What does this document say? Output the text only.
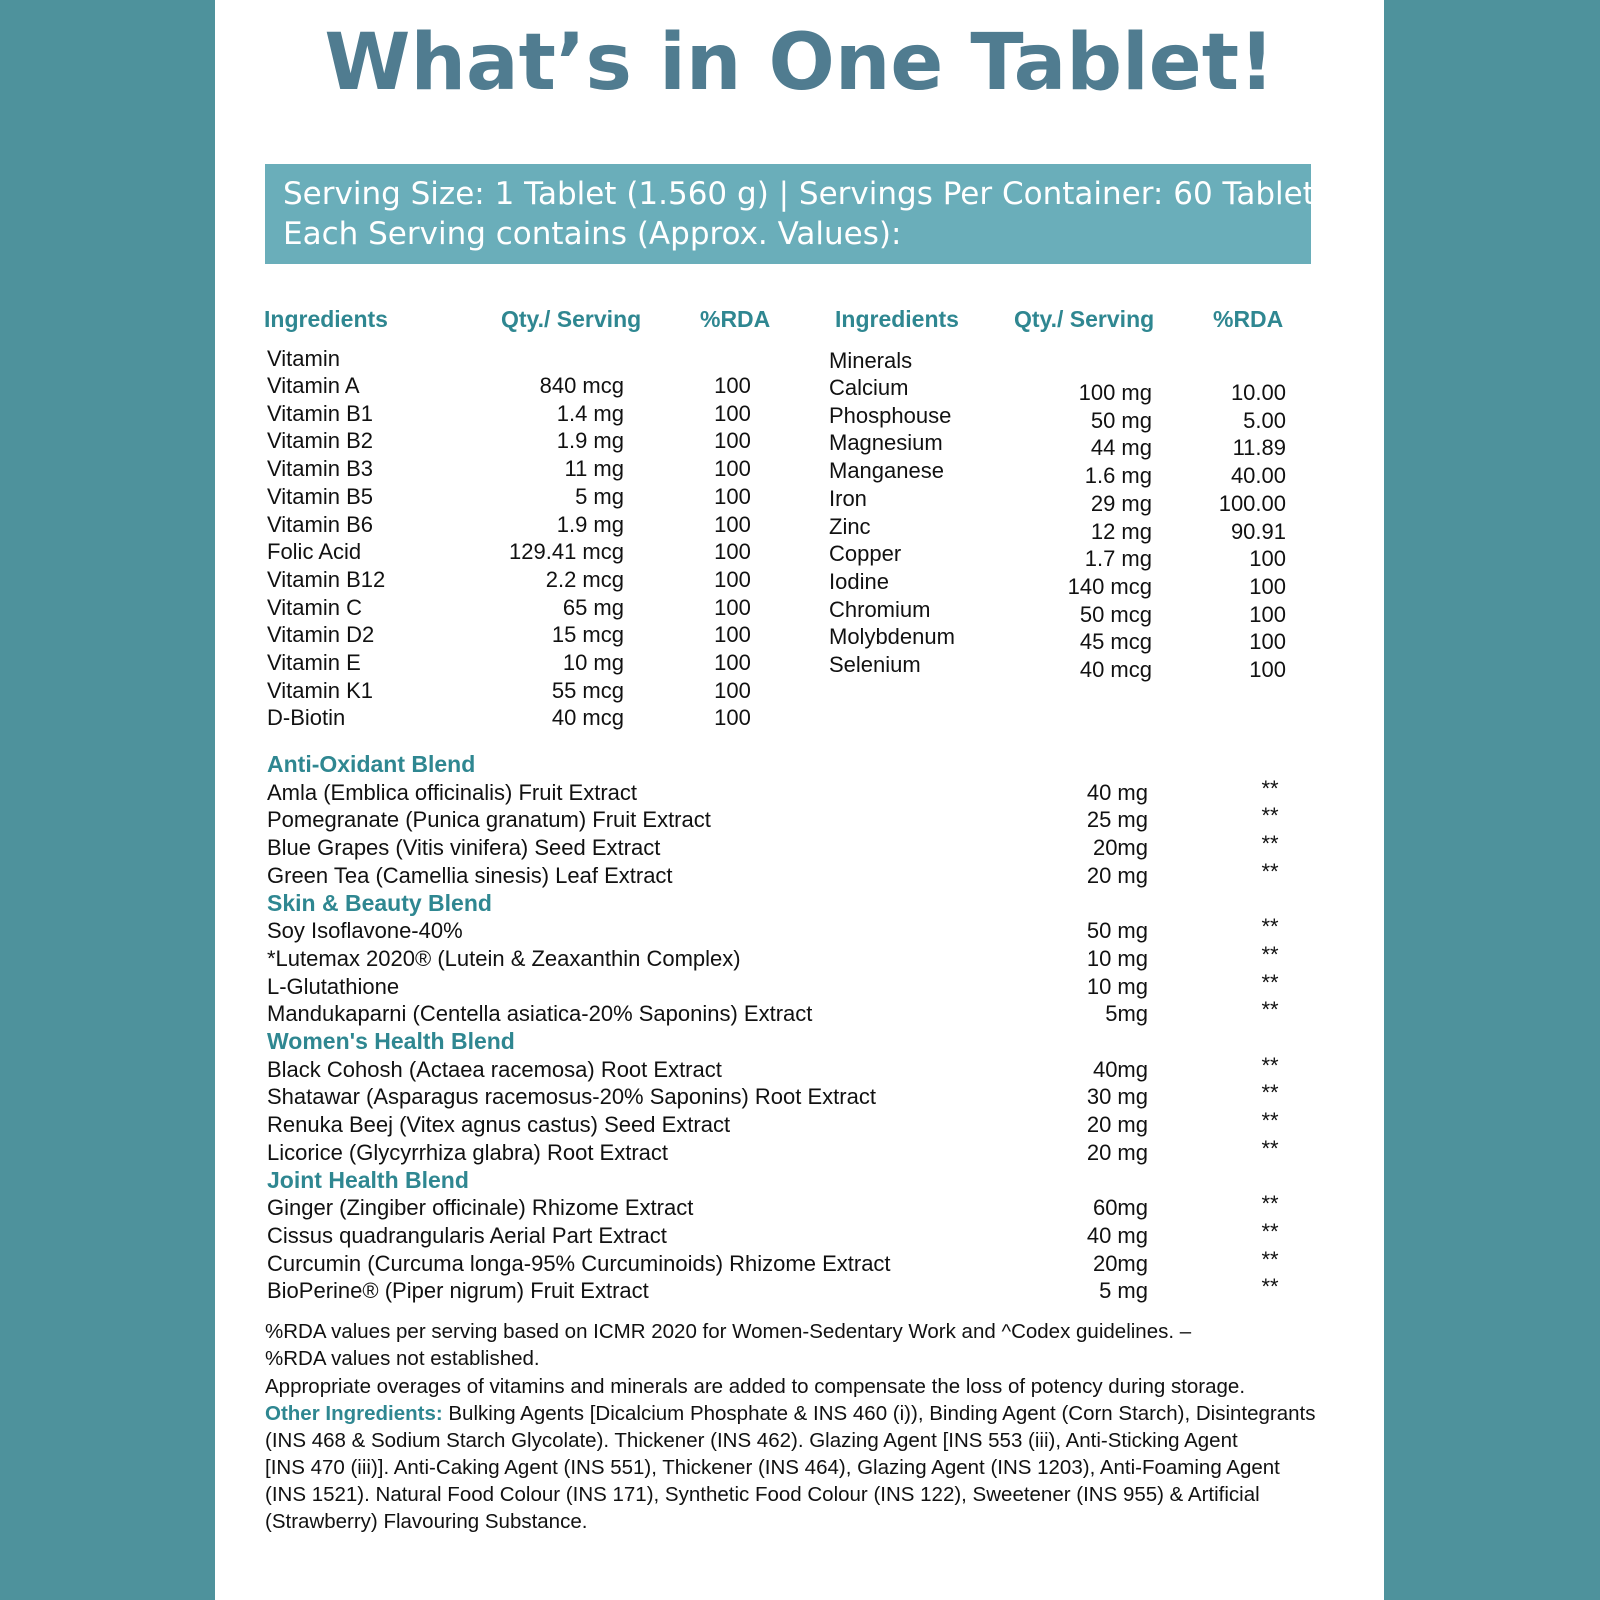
What’s in One Tablet!
Serving Size: 1 Tablet (1.560 g) | Servings Per Container: 60 Tablets
Each Serving contains (Approx. Values):
Ingredients	Qty./ Serving	%RDA	Ingredients Qty./ Serving	%RDA
Vitamin
Vitamin A	840 mcg	100
Vitamin B1	1.4 mg	100
Vitamin B2	1.9 mg	100
Vitamin B3	11 mg	100
Vitamin B5	5 mg	100
Vitamin B6	1.9 mg	100
Folic Acid	129.41 mcg	100
Vitamin B12	2.2 mcg	100
Vitamin C	65 mg	100
Vitamin D2	15 mcg	100
Vitamin E	10 mg	100
Vitamin K1	55 mcg	100
D-Biotin	40 mcg	100
Minerals
Calcium	100 mg	10.00
Phosphouse	50 mg	5.00
Magnesium	44 mg	11.89
Manganese	1.6 mg	40.00
Iron	29 mg	100.00
Zinc	12 mg	90.91
Copper	1.7 mg	100
Iodine	140 mcg	100
Chromium	50 mcg	100
Molybdenum	45 mcg	100
Selenium	40 mcg	100
Anti-Oxidant Blend
Amla (Emblica officinalis) Fruit Extract	40 mg	**
Pomegranate (Punica granatum) Fruit Extract	25 mg	**
Blue Grapes (Vitis vinifera) Seed Extract	20mg	**
Green Tea (Camellia sinesis) Leaf Extract	20 mg	**
Skin & Beauty Blend
Soy Isoflavone-40%	50 mg	**
*Lutemax 2020® (Lutein & Zeaxanthin Complex)	10 mg	**
L-Glutathione	10 mg	**
Mandukaparni (Centella asiatica-20% Saponins) Extract	5mg	**
Women's Health Blend
Black Cohosh (Actaea racemosa) Root Extract	40mg	**
Shatawar (Asparagus racemosus-20% Saponins) Root Extract	30 mg	**
Renuka Beej (Vitex agnus castus) Seed Extract	20 mg	**
Licorice (Glycyrrhiza glabra) Root Extract	20 mg	**
Joint Health Blend
Ginger (Zingiber officinale) Rhizome Extract	60mg	**
Cissus quadrangularis Aerial Part Extract	40 mg	**
Curcumin (Curcuma longa-95% Curcuminoids) Rhizome Extract	20mg	**
BioPerine® (Piper nigrum) Fruit Extract	5 mg	**
%RDA values per serving based on ICMR 2020 for Women-Sedentary Work and ^Codex guidelines. –
%RDA values not established.
Appropriate overages of vitamins and minerals are added to compensate the loss of potency during storage.
Other Ingredients: Bulking Agents [Dicalcium Phosphate & INS 460 (i)), Binding Agent (Corn Starch), Disintegrants
(INS 468 & Sodium Starch Glycolate). Thickener (INS 462). Glazing Agent [INS 553 (iii), Anti-Sticking Agent
[INS 470 (iii)]. Anti-Caking Agent (INS 551), Thickener (INS 464), Glazing Agent (INS 1203), Anti-Foaming Agent
(INS 1521). Natural Food Colour (INS 171), Synthetic Food Colour (INS 122), Sweetener (INS 955) & Artificial
(Strawberry) Flavouring Substance.
